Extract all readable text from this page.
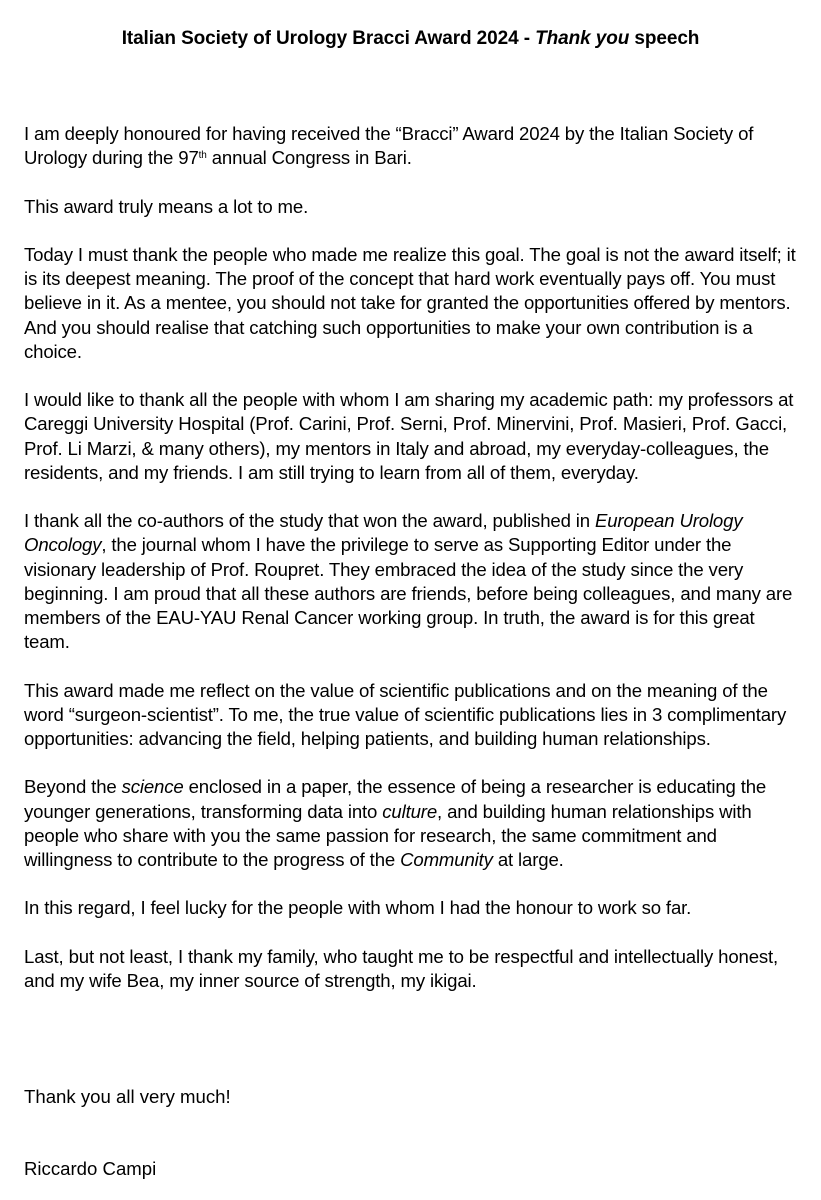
Italian Society of Urology Bracci Award 2024 - Thank you speech

I am deeply honoured for having received the “Bracci” Award 2024 by the Italian Society of Urology during the 97th annual Congress in Bari.

This award truly means a lot to me.

Today I must thank the people who made me realize this goal. The goal is not the award itself; it is its deepest meaning. The proof of the concept that hard work eventually pays off. You must believe in it. As a mentee, you should not take for granted the opportunities offered by mentors. And you should realise that catching such opportunities to make your own contribution is a choice.

I would like to thank all the people with whom I am sharing my academic path: my professors at Careggi University Hospital (Prof. Carini, Prof. Serni, Prof. Minervini, Prof. Masieri, Prof. Gacci, Prof. Li Marzi, & many others), my mentors in Italy and abroad, my everyday-colleagues, the residents, and my friends. I am still trying to learn from all of them, everyday.

I thank all the co-authors of the study that won the award, published in European Urology Oncology, the journal whom I have the privilege to serve as Supporting Editor under the visionary leadership of Prof. Roupret. They embraced the idea of the study since the very beginning. I am proud that all these authors are friends, before being colleagues, and many are members of the EAU-YAU Renal Cancer working group. In truth, the award is for this great team.

This award made me reflect on the value of scientific publications and on the meaning of the word “surgeon-scientist”. To me, the true value of scientific publications lies in 3 complimentary opportunities: advancing the field, helping patients, and building human relationships.

Beyond the science enclosed in a paper, the essence of being a researcher is educating the younger generations, transforming data into culture, and building human relationships with people who share with you the same passion for research, the same commitment and willingness to contribute to the progress of the Community at large.

In this regard, I feel lucky for the people with whom I had the honour to work so far.

Last, but not least, I thank my family, who taught me to be respectful and intellectually honest, and my wife Bea, my inner source of strength, my ikigai.

Thank you all very much!
Riccardo Campi
